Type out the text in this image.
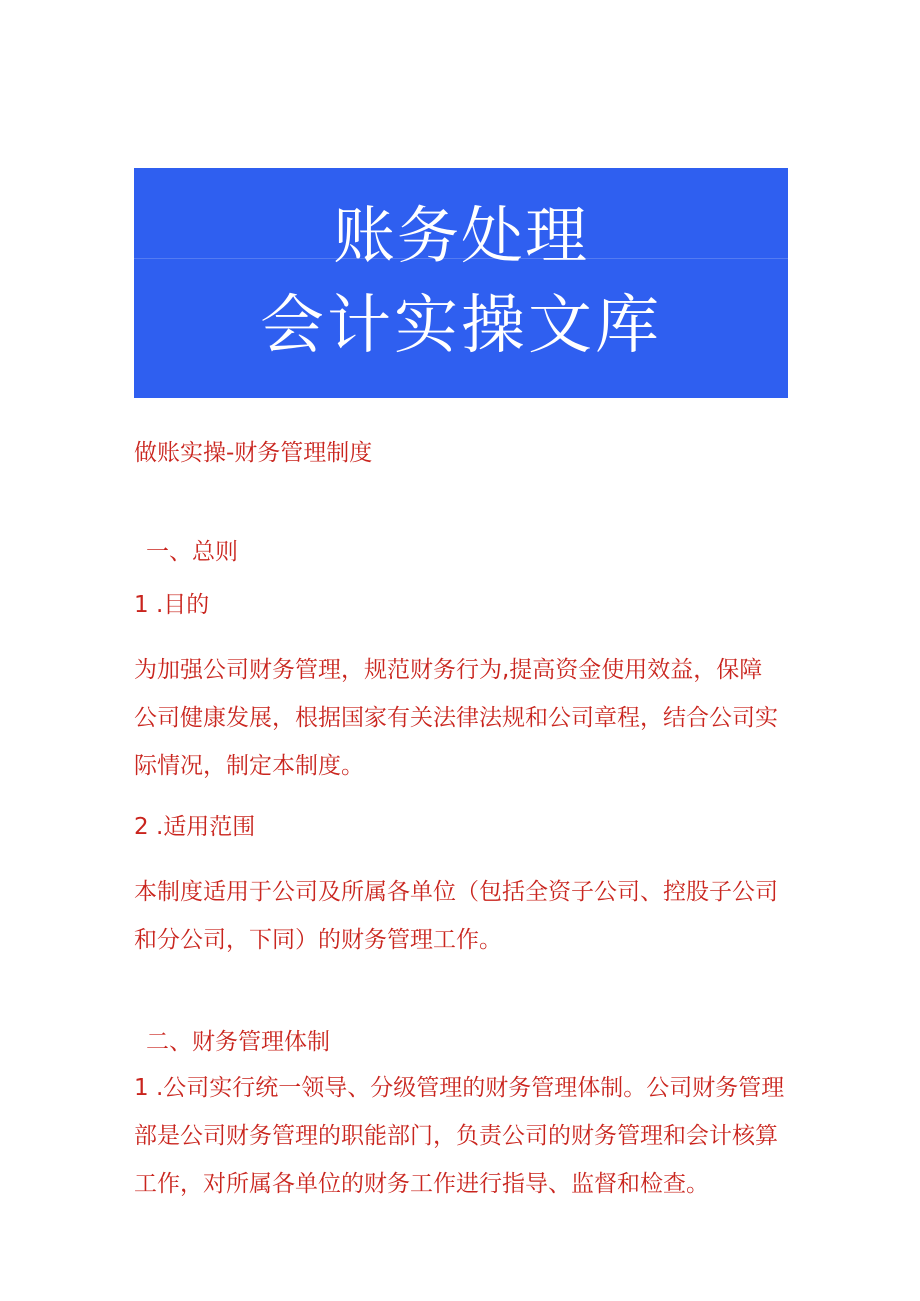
账务处理
会计实操文库
做账实操-财务管理制度
一、总则
1 .目的
为加强公司财务管理，规范财务行为,提高资金使用效益，保障
公司健康发展，根据国家有关法律法规和公司章程，结合公司实
际情况，制定本制度。
2 .适用范围
本制度适用于公司及所属各单位（包括全资子公司、控股子公司
和分公司，下同）的财务管理工作。
二、财务管理体制
1 .公司实行统一领导、分级管理的财务管理体制。公司财务管理
部是公司财务管理的职能部门，负责公司的财务管理和会计核算
工作，对所属各单位的财务工作进行指导、监督和检查。
